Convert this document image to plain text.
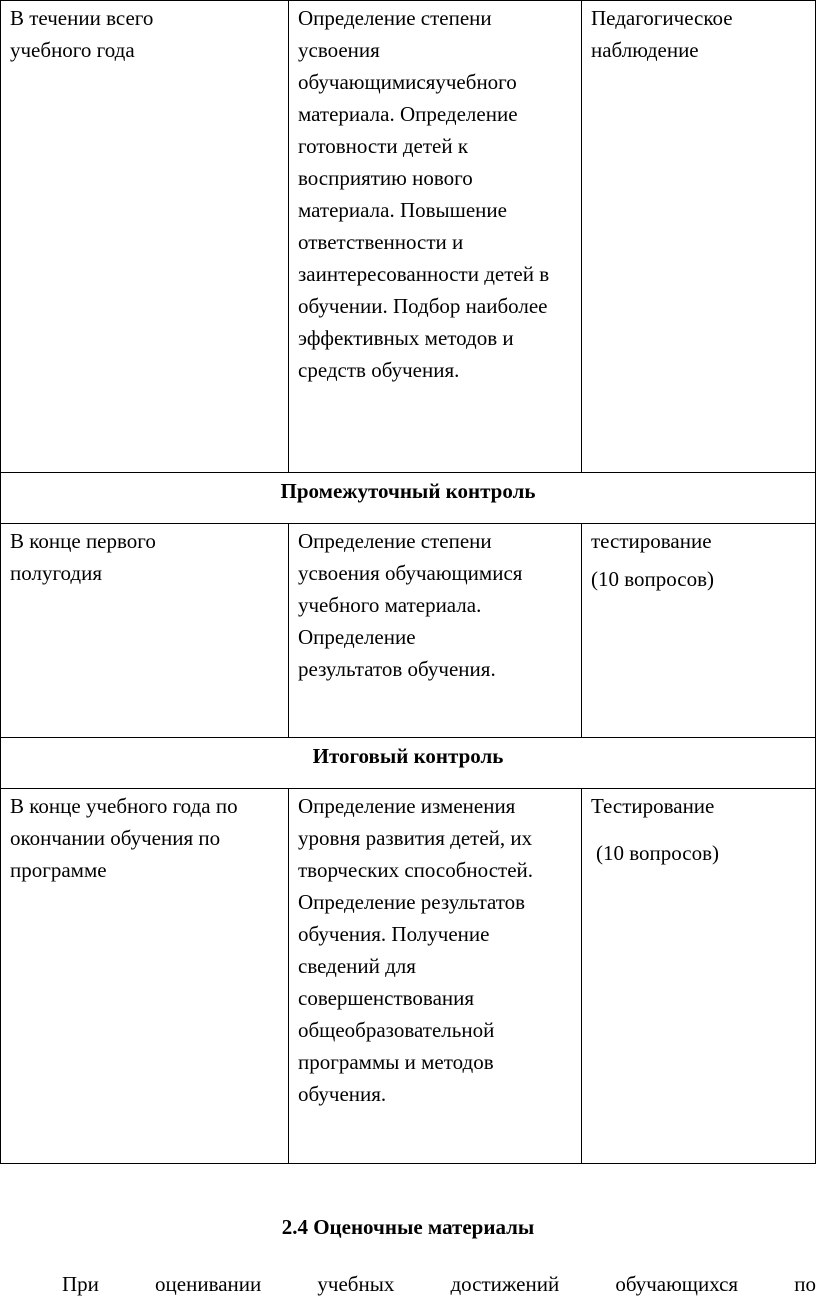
В течении всего учебного года	Определение степени усвоения обучающимисяучебного материала. Определение готовности детей к восприятию нового материала. Повышение ответственности и заинтересованности детей в обучении. Подбор наиболее эффективных методов и средств обучения.	Педагогическое наблюдение

Промежуточный контроль		

В конце первого полугодия	Определение степени усвоения обучающимися учебного материала. Определение результатов обучения.	тестирование
(10 вопросов)

Итоговый контроль		

В конце учебного года по окончании обучения по программе	Определение изменения уровня развития детей, их творческих способностей. Определение результатов обучения. Получение сведений для совершенствования общеобразовательной программы и методов обучения.	Тестирование
(10 вопросов)
2.4 Оценочные материалы

При	оценивании	учебных	достижений	обучающихся	по
